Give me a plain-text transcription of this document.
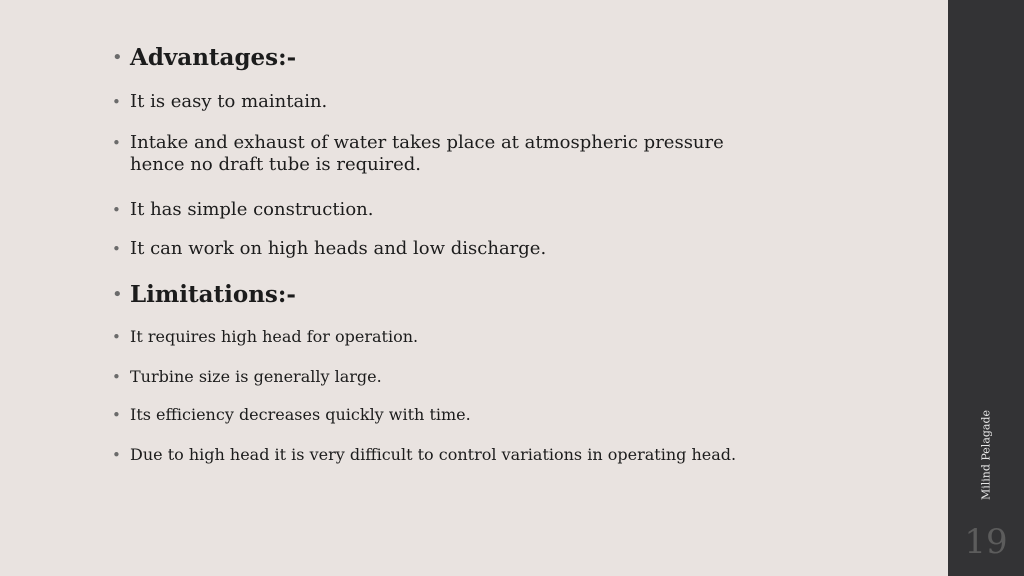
• Advantages:-
• It is easy to maintain.
• Intake and exhaust of water takes place at atmospheric pressure
hence no draft tube is required.
• It has simple construction.
• It can work on high heads and low discharge.
• Limitations:-
• It requires high head for operation.
• Turbine size is generally large.
• Its efficiency decreases quickly with time.
• Due to high head it is very difficult to control variations in operating head.	Milind Pelagade
19
